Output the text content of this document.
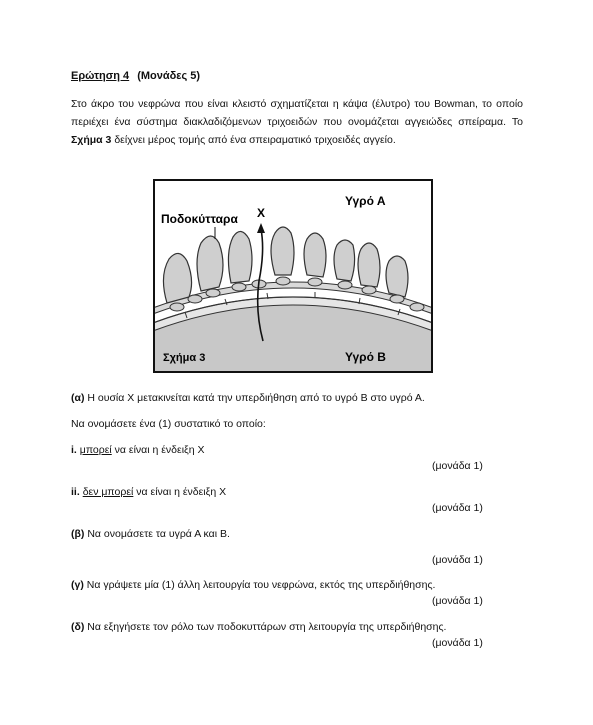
Ερώτηση 4 (Μονάδες 5)
Στο άκρο του νεφρώνα που είναι κλειστό σχηματίζεται η κάψα (έλυτρο) του Bowman, το οποίο περιέχει ένα σύστημα διακλαδιζόμενων τριχοειδών που ονομάζεται αγγειώδες σπείραμα. Το Σχήμα 3 δείχνει μέρος τομής από ένα σπειραματικό τριχοειδές αγγείο.
Ποδοκύτταρα Χ
Υγρό Α
Υγρό Β
Σχήμα 3
(α) Η ουσία Χ μετακινείται κατά την υπερδιήθηση από το υγρό Β στο υγρό Α.
Να ονομάσετε ένα (1) συστατικό το οποίο:
i. μπορεί να είναι η ένδειξη Χ
(μονάδα 1)
ii. δεν μπορεί να είναι η ένδειξη Χ
(μονάδα 1)
(β) Να ονομάσετε τα υγρά Α και Β.
(μονάδα 1)
(γ) Να γράψετε μία (1) άλλη λειτουργία του νεφρώνα, εκτός της υπερδιήθησης.
(μονάδα 1)
(δ) Να εξηγήσετε τον ρόλο των ποδοκυττάρων στη λειτουργία της υπερδιήθησης.
(μονάδα 1)
